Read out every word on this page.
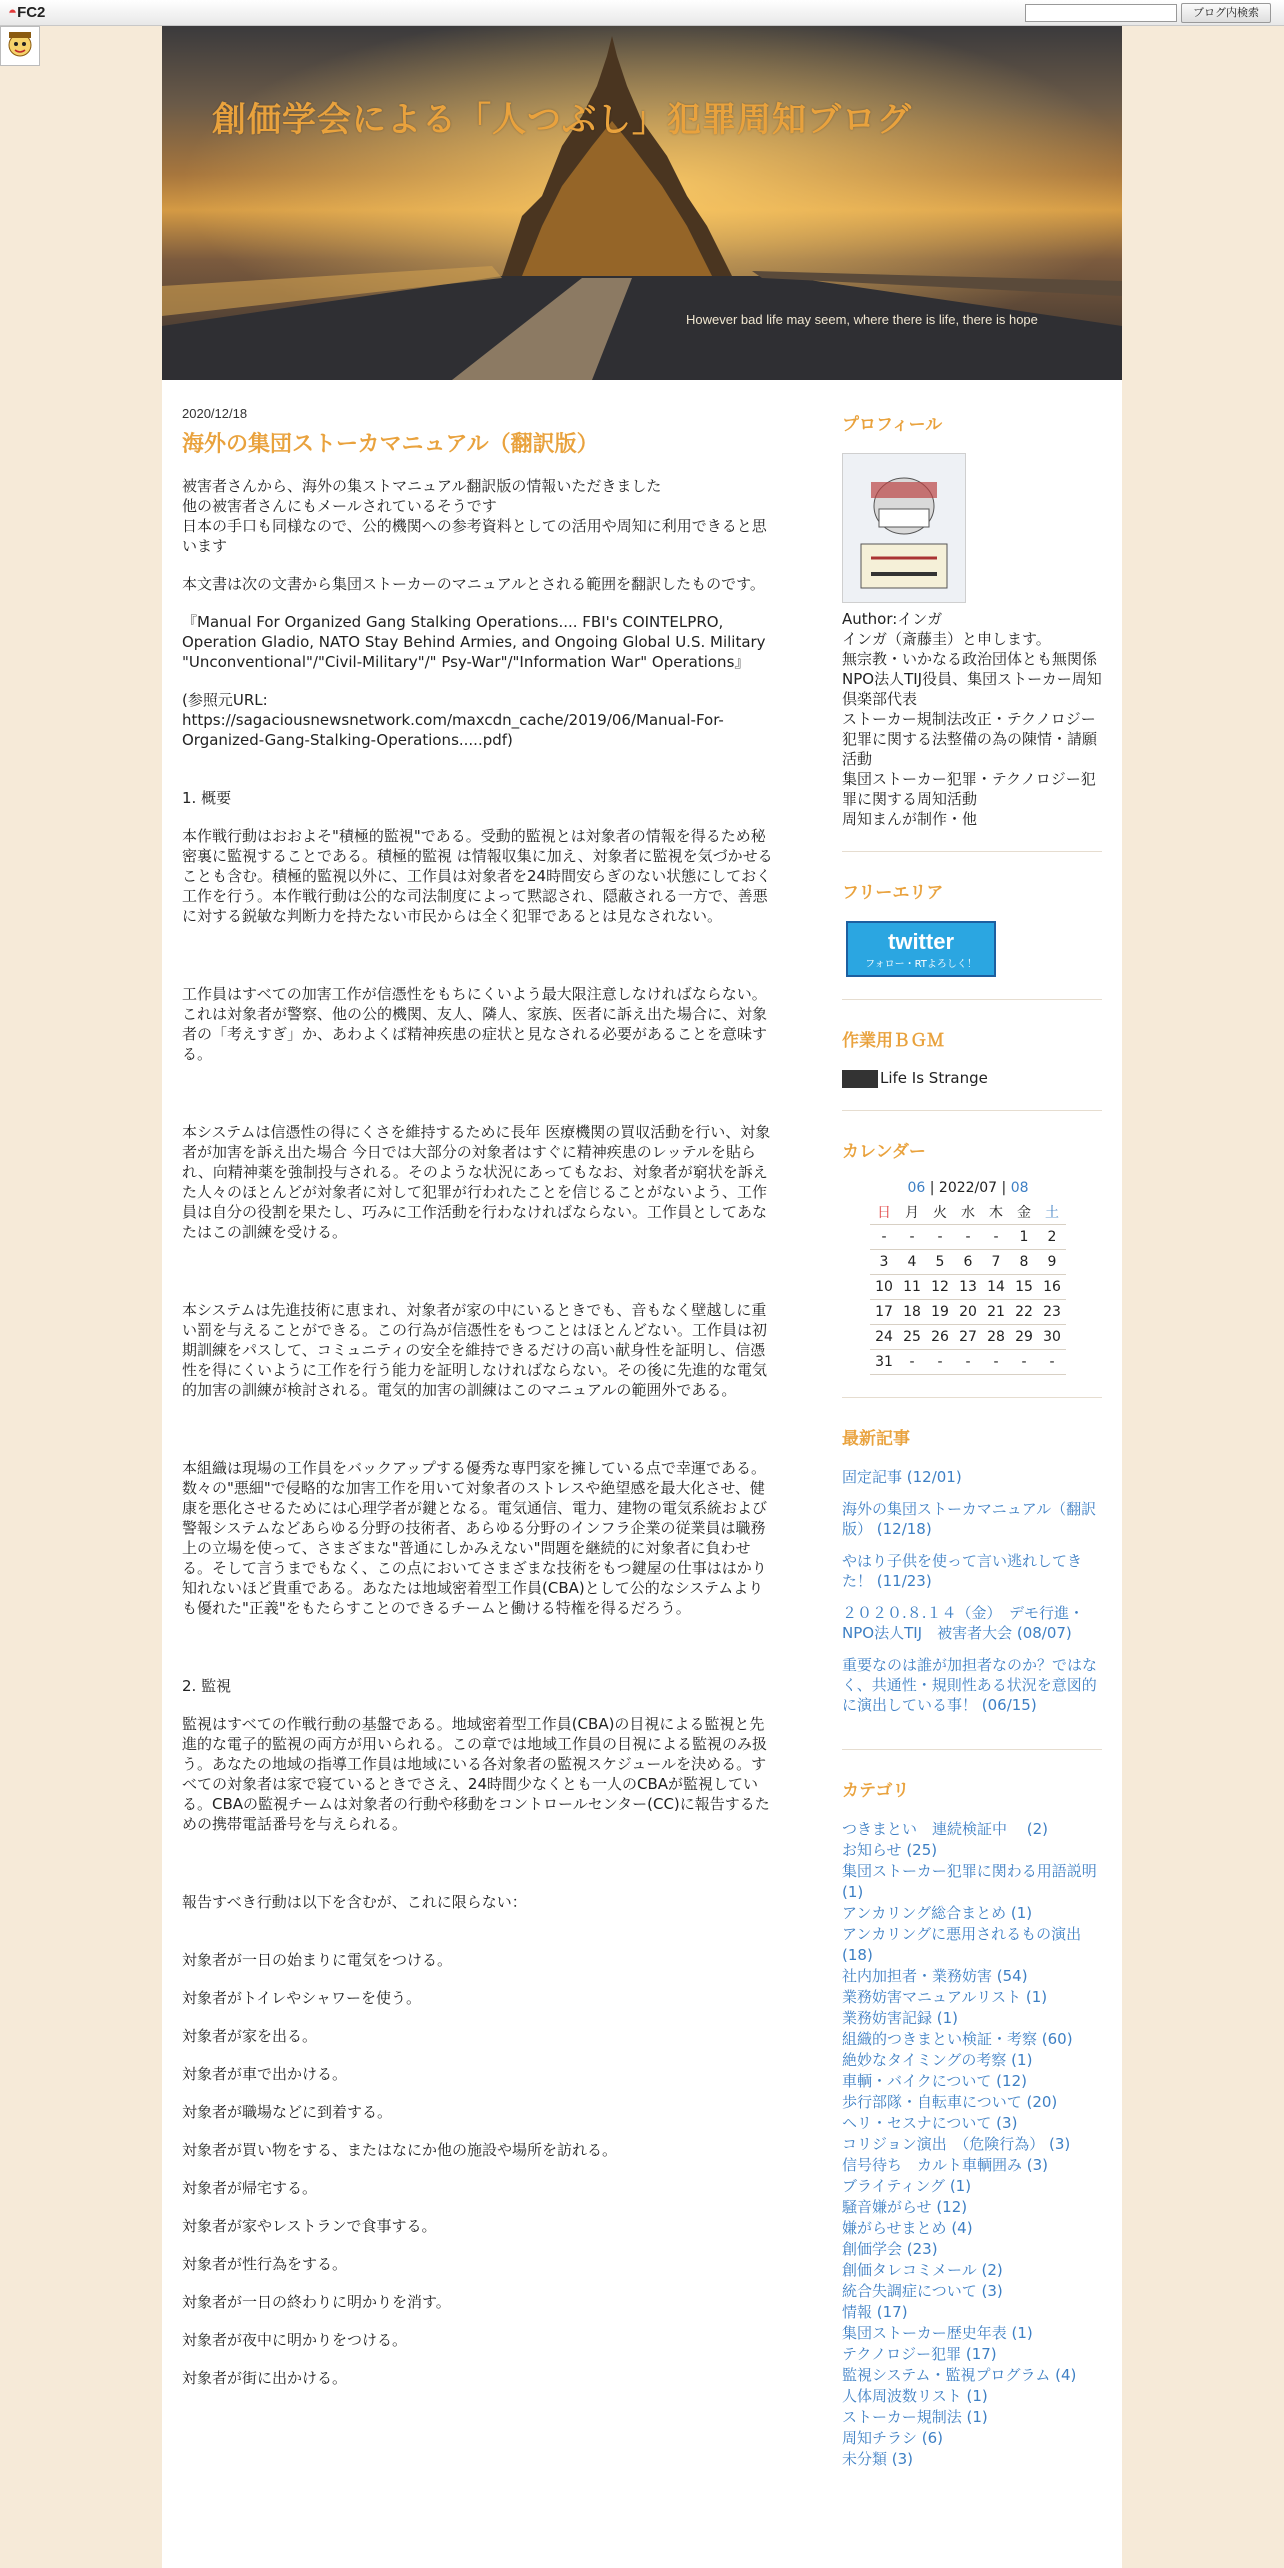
◓FC2	ブログ内検索
創価学会による「人つぶし」犯罪周知ブログ
However bad life may seem, where there is life, there is hope
2020/12/18
海外の集団ストーカマニュアル（翻訳版）

被害者さんから、海外の集ストマニュアル翻訳版の情報いただきました
他の被害者さんにもメールされているそうです
日本の手口も同様なので、公的機関への参考資料としての活用や周知に利用できると思います

本文書は次の文書から集団ストーカーのマニュアルとされる範囲を翻訳したものです。

『Manual For Organized Gang Stalking Operations.... FBI's COINTELPRO, Operation Gladio, NATO Stay Behind Armies, and Ongoing Global U.S. Military "Unconventional"/"Civil-Military"/" Psy-War"/"Information War" Operations』

(参照元URL: https://sagaciousnewsnetwork.com/maxcdn_cache/2019/06/Manual-For-Organized-Gang-Stalking-Operations.....pdf)

1. 概要

本作戦行動はおおよそ"積極的監視"である。受動的監視とは対象者の情報を得るため秘密裏に監視することである。積極的監視 は情報収集に加え、対象者に監視を気づかせることも含む。積極的監視以外に、工作員は対象者を24時間安らぎのない状態にしておく工作を行う。本作戦行動は公的な司法制度によって黙認され、隠蔽される一方で、善悪に対する鋭敏な判断力を持たない市民からは全く犯罪であるとは見なされない。

工作員はすべての加害工作が信憑性をもちにくいよう最大限注意しなければならない。これは対象者が警察、他の公的機関、友人、隣人、家族、医者に訴え出た場合に、対象者の「考えすぎ」か、あわよくば精神疾患の症状と見なされる必要があることを意味する。

本システムは信憑性の得にくさを維持するために長年 医療機関の買収活動を行い、対象者が加害を訴え出た場合 今日では大部分の対象者はすぐに精神疾患のレッテルを貼られ、向精神薬を強制投与される。そのような状況にあってもなお、対象者が窮状を訴えた人々のほとんどが対象者に対して犯罪が行われたことを信じることがないよう、工作員は自分の役割を果たし、巧みに工作活動を行わなければならない。工作員としてあなたはこの訓練を受ける。

本システムは先進技術に恵まれ、対象者が家の中にいるときでも、音もなく壁越しに重い罰を与えることができる。この行為が信憑性をもつことはほとんどない。工作員は初期訓練をパスして、コミュニティの安全を維持できるだけの高い献身性を証明し、信憑性を得にくいように工作を行う能力を証明しなければならない。その後に先進的な電気的加害の訓練が検討される。電気的加害の訓練はこのマニュアルの範囲外である。

本組織は現場の工作員をバックアップする優秀な専門家を擁している点で幸運である。数々の"悪細"で侵略的な加害工作を用いて対象者のストレスや絶望感を最大化させ、健康を悪化させるためには心理学者が鍵となる。電気通信、電力、建物の電気系統および警報システムなどあらゆる分野の技術者、あらゆる分野のインフラ企業の従業員は職務上の立場を使って、さまざまな"普通にしかみえない"問題を継続的に対象者に負わせる。そして言うまでもなく、この点においてさまざまな技術をもつ鍵屋の仕事ははかり知れないほど貴重である。あなたは地域密着型工作員(CBA)として公的なシステムよりも優れた"正義"をもたらすことのできるチームと働ける特権を得るだろう。

2. 監視

監視はすべての作戦行動の基盤である。地域密着型工作員(CBA)の目視による監視と先進的な電子的監視の両方が用いられる。この章では地域工作員の目視による監視のみ扱う。あなたの地域の指導工作員は地域にいる各対象者の監視スケジュールを決める。すべての対象者は家で寝ているときでさえ、24時間少なくとも一人のCBAが監視している。CBAの監視チームは対象者の行動や移動をコントロールセンター(CC)に報告するための携帯電話番号を与えられる。

報告すべき行動は以下を含むが、これに限らない：

対象者が一日の始まりに電気をつける。

対象者がトイレやシャワーを使う。

対象者が家を出る。

対象者が車で出かける。

対象者が職場などに到着する。

対象者が買い物をする、またはなにか他の施設や場所を訪れる。

対象者が帰宅する。

対象者が家やレストランで食事する。

対象者が性行為をする。

対象者が一日の終わりに明かりを消す。

対象者が夜中に明かりをつける。

対象者が街に出かける。

プロフィール
Author:インガ
インガ（斎藤圭）と申します。
無宗教・いかなる政治団体とも無関係
NPO法人TIJ役員、集団ストーカー周知倶楽部代表
ストーカー規制法改正・テクノロジー犯罪に関する法整備の為の陳情・請願活動
集団ストーカー犯罪・テクノロジー犯罪に関する周知活動
周知まんが制作・他
フリーエリア
twitter
フォロー・RTよろしく！
作業用ＢＧＭ
Life Is Strange
カレンダー
06 | 2022/07 | 08
日	月	火	水	木	金	土
-	-	-	-	-	1	2
3	4	5	6	7	8	9
10	11	12	13	14	15	16
17	18	19	20	21	22	23
24	25	26	27	28	29	30
31	-	-	-	-	-	-
最新記事
固定記事 (12/01)
海外の集団ストーカマニュアル（翻訳版） (12/18)
やはり子供を使って言い逃れしてきた！ (11/23)
２０２０.８.１４（金）　デモ行進・NPO法人TIJ　被害者大会 (08/07)
重要なのは誰が加担者なのか？ではなく、共通性・規則性ある状況を意図的に演出している事！ (06/15)
カテゴリ
つきまとい　連続検証中　 (2)
お知らせ (25)
集団ストーカー犯罪に関わる用語説明 (1)
アンカリング総合まとめ (1)
アンカリングに悪用されるもの演出 (18)
社内加担者・業務妨害 (54)
業務妨害マニュアルリスト (1)
業務妨害記録 (1)
組織的つきまとい検証・考察 (60)
絶妙なタイミングの考察 (1)
車輌・バイクについて (12)
歩行部隊・自転車について (20)
ヘリ・セスナについて (3)
コリジョン演出　（危険行為） (3)
信号待ち　カルト車輌囲み (3)
ブライティング (1)
騒音嫌がらせ (12)
嫌がらせまとめ (4)
創価学会 (23)
創価タレコミメール (2)
統合失調症について (3)
情報 (17)
集団ストーカー歴史年表 (1)
テクノロジー犯罪 (17)
監視システム・監視プログラム (4)
人体周波数リスト (1)
ストーカー規制法 (1)
周知チラシ (6)
未分類 (3)
